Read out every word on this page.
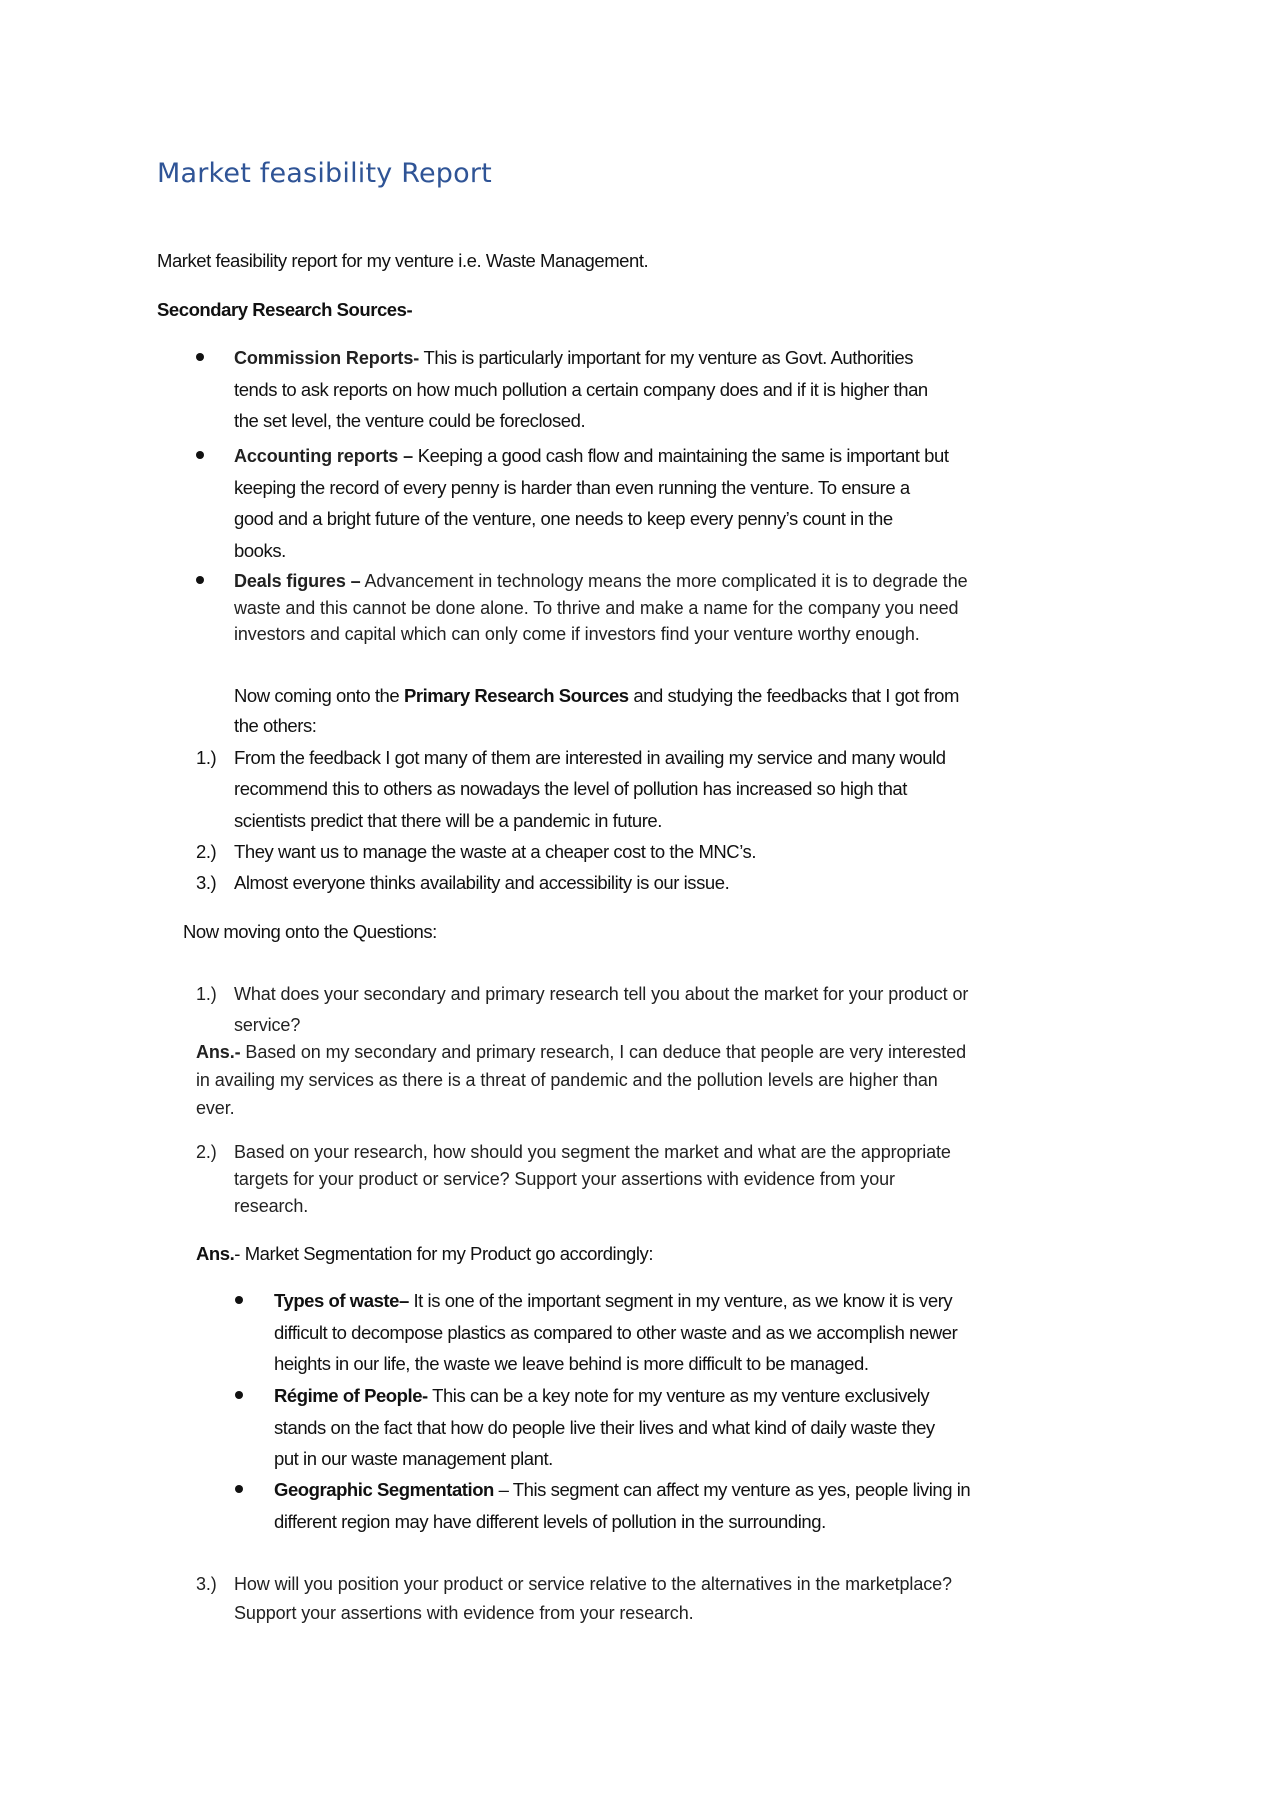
Market feasibility Report
Market feasibility report for my venture i.e. Waste Management.
Secondary Research Sources-
Commission Reports- This is particularly important for my venture as Govt. Authorities
tends to ask reports on how much pollution a certain company does and if it is higher than
the set level, the venture could be foreclosed.
Accounting reports – Keeping a good cash flow and maintaining the same is important but
keeping the record of every penny is harder than even running the venture. To ensure a
good and a bright future of the venture, one needs to keep every penny’s count in the
books.
Deals figures – Advancement in technology means the more complicated it is to degrade the
waste and this cannot be done alone. To thrive and make a name for the company you need
investors and capital which can only come if investors find your venture worthy enough.
Now coming onto the Primary Research Sources and studying the feedbacks that I got from
the others:
1.) From the feedback I got many of them are interested in availing my service and many would
recommend this to others as nowadays the level of pollution has increased so high that
scientists predict that there will be a pandemic in future.
2.) They want us to manage the waste at a cheaper cost to the MNC’s.
3.) Almost everyone thinks availability and accessibility is our issue.
Now moving onto the Questions:
1.) What does your secondary and primary research tell you about the market for your product or
service?
Ans.- Based on my secondary and primary research, I can deduce that people are very interested
in availing my services as there is a threat of pandemic and the pollution levels are higher than
ever.
2.) Based on your research, how should you segment the market and what are the appropriate
targets for your product or service? Support your assertions with evidence from your
research.
Ans.- Market Segmentation for my Product go accordingly:
Types of waste– It is one of the important segment in my venture, as we know it is very
difficult to decompose plastics as compared to other waste and as we accomplish newer
heights in our life, the waste we leave behind is more difficult to be managed.
Régime of People- This can be a key note for my venture as my venture exclusively
stands on the fact that how do people live their lives and what kind of daily waste they
put in our waste management plant.
Geographic Segmentation – This segment can affect my venture as yes, people living in
different region may have different levels of pollution in the surrounding.
3.) How will you position your product or service relative to the alternatives in the marketplace?
Support your assertions with evidence from your research.
